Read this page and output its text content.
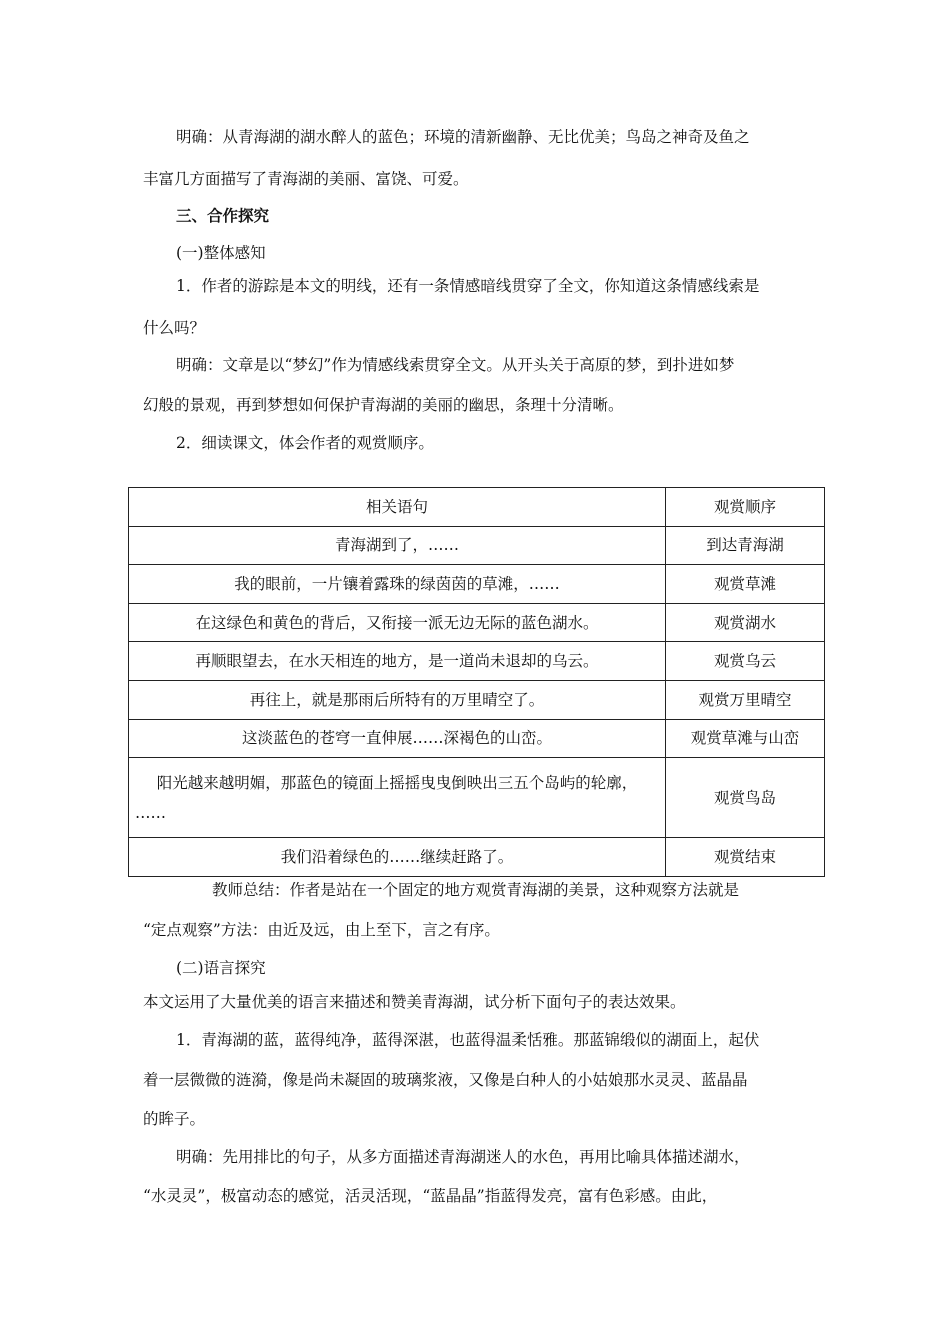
明确：从青海湖的湖水醉人的蓝色；环境的清新幽静、无比优美；鸟岛之神奇及鱼之
丰富几方面描写了青海湖的美丽、富饶、可爱。
三、合作探究
(一)整体感知
1．作者的游踪是本文的明线，还有一条情感暗线贯穿了全文，你知道这条情感线索是
什么吗？
明确：文章是以“梦幻”作为情感线索贯穿全文。从开头关于高原的梦，到扑进如梦
幻般的景观，再到梦想如何保护青海湖的美丽的幽思，条理十分清晰。
2．细读课文，体会作者的观赏顺序。
相关语句	观赏顺序
青海湖到了，……	到达青海湖
我的眼前，一片镶着露珠的绿茵茵的草滩，……	观赏草滩
在这绿色和黄色的背后，又衔接一派无边无际的蓝色湖水。	观赏湖水
再顺眼望去，在水天相连的地方，是一道尚未退却的乌云。	观赏乌云
再往上，就是那雨后所特有的万里晴空了。	观赏万里晴空
这淡蓝色的苍穹一直伸展……深褐色的山峦。	观赏草滩与山峦

阳光越来越明媚，那蓝色的镜面上摇摇曳曳倒映出三五个岛屿的轮廓，
……	观赏鸟岛
我们沿着绿色的……继续赶路了。	观赏结束
教师总结：作者是站在一个固定的地方观赏青海湖的美景，这种观察方法就是
“定点观察”方法：由近及远，由上至下，言之有序。
(二)语言探究
本文运用了大量优美的语言来描述和赞美青海湖，试分析下面句子的表达效果。
1．青海湖的蓝，蓝得纯净，蓝得深湛，也蓝得温柔恬雅。那蓝锦缎似的湖面上，起伏
着一层微微的涟漪，像是尚未凝固的玻璃浆液，又像是白种人的小姑娘那水灵灵、蓝晶晶
的眸子。
明确：先用排比的句子，从多方面描述青海湖迷人的水色，再用比喻具体描述湖水，
“水灵灵”，极富动态的感觉，活灵活现，“蓝晶晶”指蓝得发亮，富有色彩感。由此，
